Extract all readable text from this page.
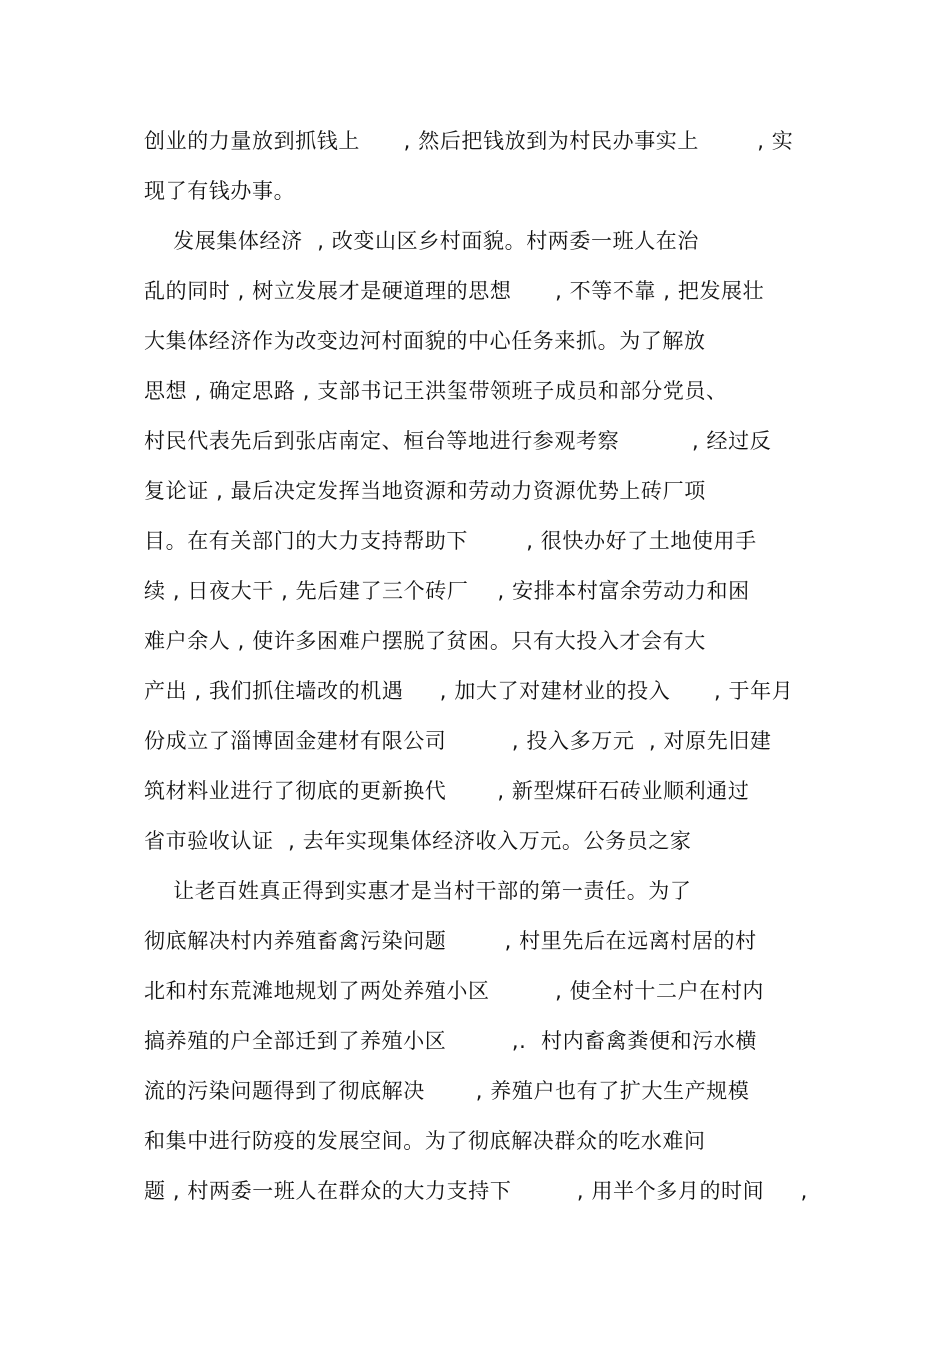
创业的力量放到抓钱上      , 然后把钱放到为村民办事实上        , 实
现了有钱办事。
发展集体经济  , 改变山区乡村面貌。村两委一班人在治
乱的同时 , 树立发展才是硬道理的思想      , 不等不靠 , 把发展壮
大集体经济作为改变边河村面貌的中心任务来抓。为了解放
思想 , 确定思路 , 支部书记王洪玺带领班子成员和部分党员、
村民代表先后到张店南定、桓台等地进行参观考察          , 经过反
复论证 , 最后决定发挥当地资源和劳动力资源优势上砖厂项
目。在有关部门的大力支持帮助下        , 很快办好了土地使用手
续 , 日夜大干 , 先后建了三个砖厂    , 安排本村富余劳动力和困
难户余人 , 使许多困难户摆脱了贫困。只有大投入才会有大
产出 , 我们抓住墙改的机遇     , 加大了对建材业的投入      , 于年月
份成立了淄博固金建材有限公司         , 投入多万元  , 对原先旧建
筑材料业进行了彻底的更新换代       , 新型煤矸石砖业顺利通过
省市验收认证  , 去年实现集体经济收入万元。公务员之家
让老百姓真正得到实惠才是当村干部的第一责任。为了
彻底解决村内养殖畜禽污染问题        , 村里先后在远离村居的村
北和村东荒滩地规划了两处养殖小区         , 使全村十二户在村内
搞养殖的户全部迁到了养殖小区         ,.  村内畜禽粪便和污水横
流的污染问题得到了彻底解决       , 养殖户也有了扩大生产规模
和集中进行防疫的发展空间。为了彻底解决群众的吃水难问
题 , 村两委一班人在群众的大力支持下         , 用半个多月的时间     ,
